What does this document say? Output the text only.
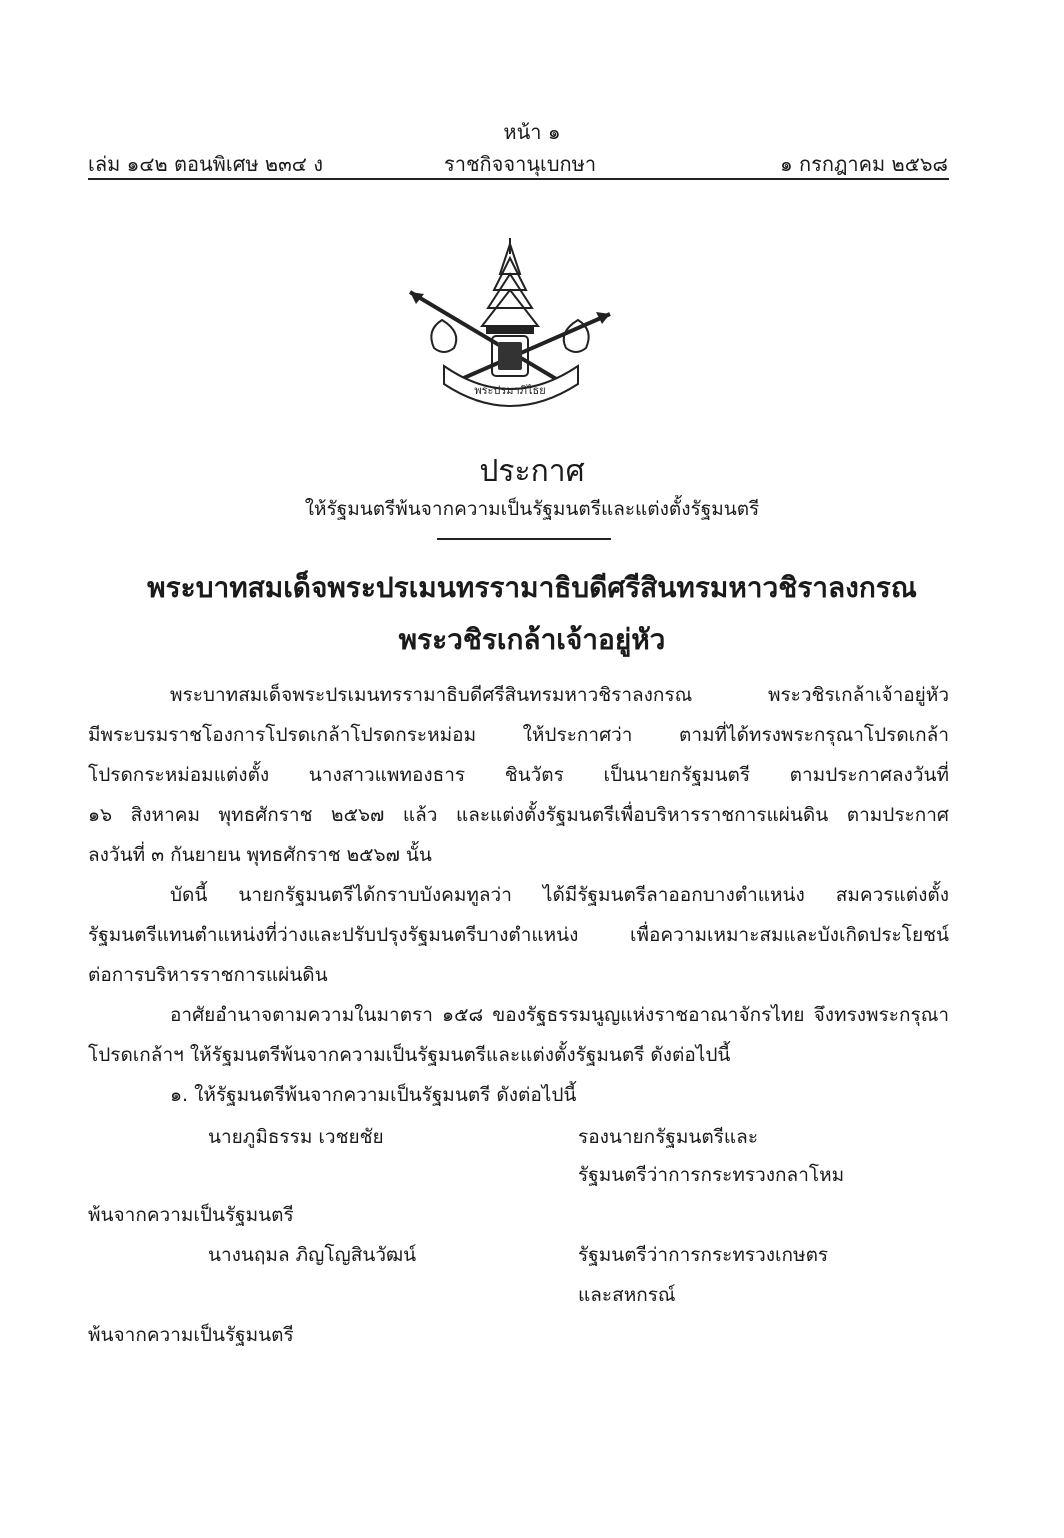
หน้า ๑
เล่ม ๑๔๒ ตอนพิเศษ ๒๓๔ ง	ราชกิจจานุเบกษา	๑ กรกฎาคม ๒๕๖๘
พระปรมาภิไธย
ประกาศ
ให้รัฐมนตรีพ้นจากความเป็นรัฐมนตรีและแต่งตั้งรัฐมนตรี
พระบาทสมเด็จพระปรเมนทรรามาธิบดีศรีสินทรมหาวชิราลงกรณ
พระวชิรเกล้าเจ้าอยู่หัว
พระบาทสมเด็จพระปรเมนทรรามาธิบดีศรีสินทรมหาวชิราลงกรณ พระวชิรเกล้าเจ้าอยู่หัว
มีพระบรมราชโองการโปรดเกล้าโปรดกระหม่อม ให้ประกาศว่า ตามที่ได้ทรงพระกรุณาโปรดเกล้า
โปรดกระหม่อมแต่งตั้ง นางสาวแพทองธาร ชินวัตร เป็นนายกรัฐมนตรี ตามประกาศลงวันที่
๑๖ สิงหาคม พุทธศักราช ๒๕๖๗ แล้ว และแต่งตั้งรัฐมนตรีเพื่อบริหารราชการแผ่นดิน ตามประกาศ
ลงวันที่ ๓ กันยายน พุทธศักราช ๒๕๖๗ นั้น
บัดนี้ นายกรัฐมนตรีได้กราบบังคมทูลว่า ได้มีรัฐมนตรีลาออกบางตำแหน่ง สมควรแต่งตั้ง
รัฐมนตรีแทนตำแหน่งที่ว่างและปรับปรุงรัฐมนตรีบางตำแหน่ง เพื่อความเหมาะสมและบังเกิดประโยชน์
ต่อการบริหารราชการแผ่นดิน
อาศัยอำนาจตามความในมาตรา ๑๕๘ ของรัฐธรรมนูญแห่งราชอาณาจักรไทย จึงทรงพระกรุณา
โปรดเกล้าฯ ให้รัฐมนตรีพ้นจากความเป็นรัฐมนตรีและแต่งตั้งรัฐมนตรี ดังต่อไปนี้
๑. ให้รัฐมนตรีพ้นจากความเป็นรัฐมนตรี ดังต่อไปนี้
นายภูมิธรรม เวชยชัย	รองนายกรัฐมนตรีและ
รัฐมนตรีว่าการกระทรวงกลาโหม
พ้นจากความเป็นรัฐมนตรี
นางนฤมล ภิญโญสินวัฒน์	รัฐมนตรีว่าการกระทรวงเกษตร
และสหกรณ์
พ้นจากความเป็นรัฐมนตรี
